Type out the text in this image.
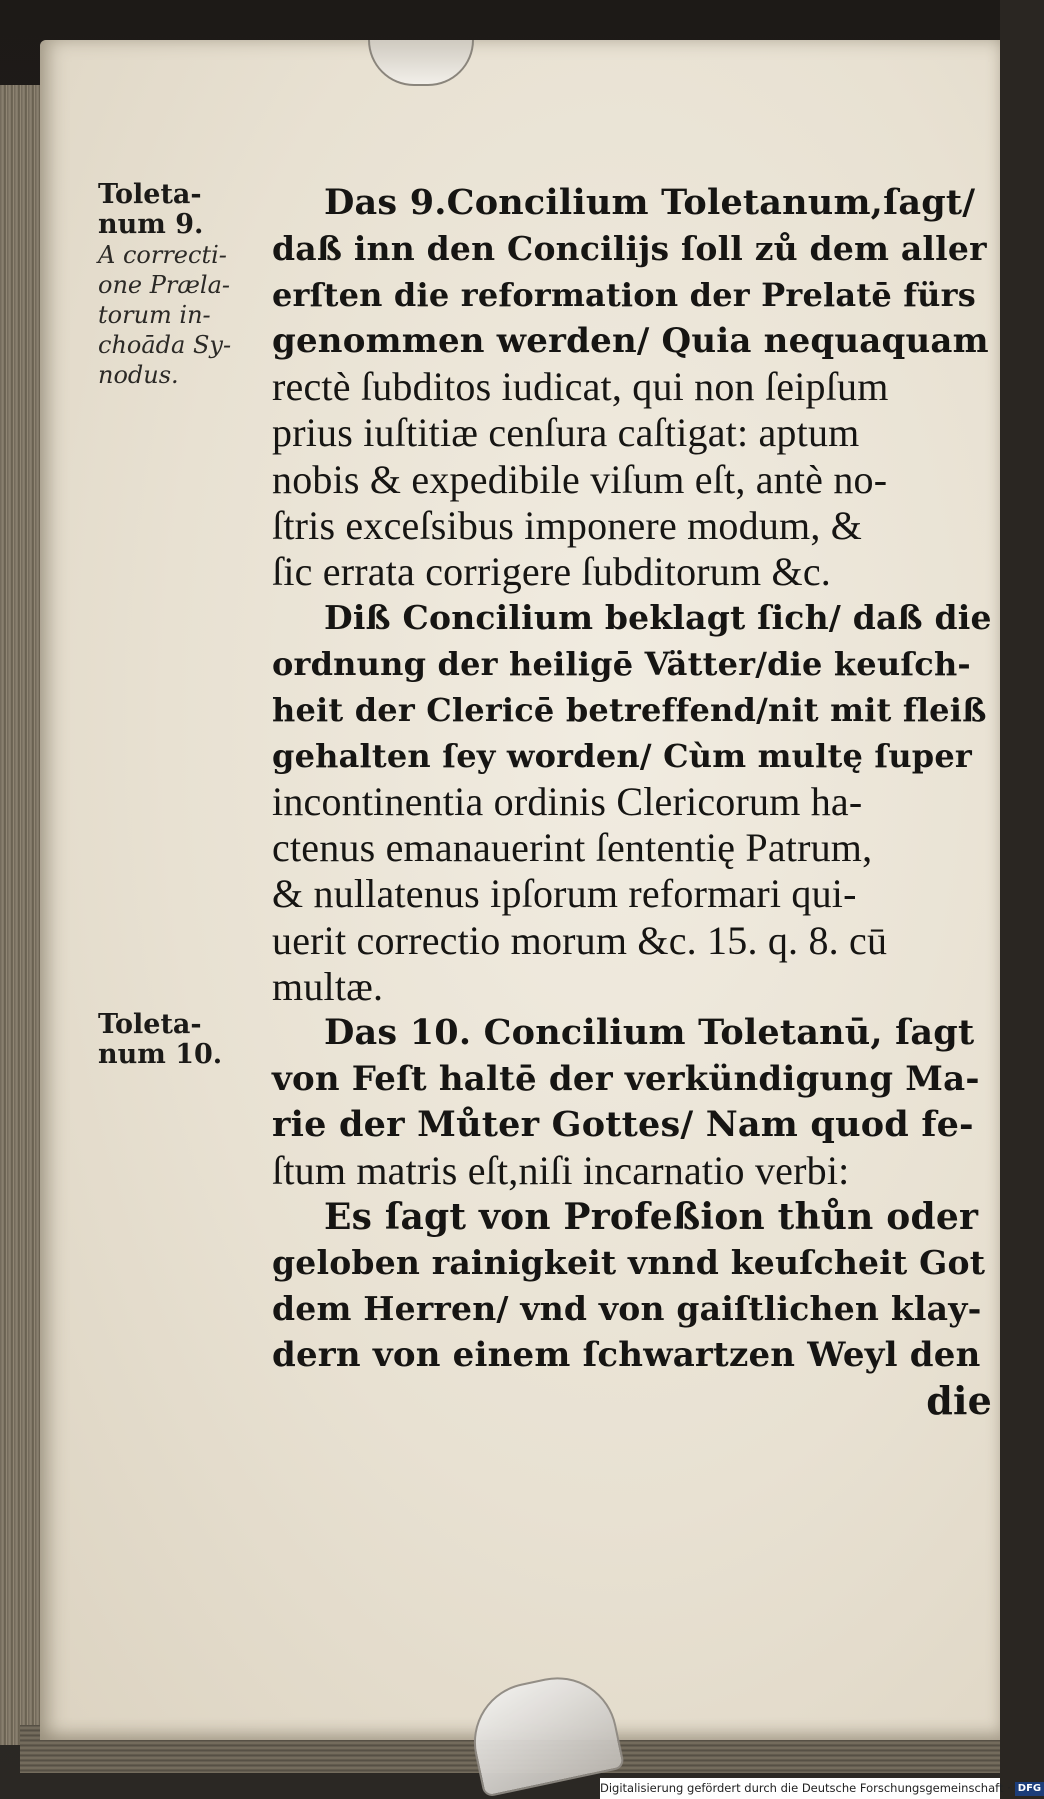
Toleta-
num 9.
A correcti-
one Præla-
torum in-
choāda Sy-
nodus.
Toleta-
num 10.
Das 9.Concilium Toletanum,ſagt/
daß inn den Concilijs ſoll zů dem aller
erſten die reformation der Prelatē fürs
genommen werden/ Quia nequaquam
rectè ſubditos iudicat, qui non ſeipſum
prius iuſtitiæ cenſura caſtigat: aptum
nobis & expedibile viſum eſt, antè no-
ſtris exceſsibus imponere modum, &
ſic errata corrigere ſubditorum &c.
Diß Concilium beklagt ſich/ daß die
ordnung der heiligē Vätter/die keuſch-
heit der Clericē betreffend/nit mit fleiß
gehalten ſey worden/ Cùm multę ſuper
incontinentia ordinis Clericorum ha-
ctenus emanauerint ſententię Patrum,
& nullatenus ipſorum reformari qui-
uerit correctio morum &c. 15. q. 8. cū
multæ.
Das 10. Concilium Toletanū, ſagt
von Feſt haltē der verkündigung Ma-
rie der Můter Gottes/ Nam quod fe-
ſtum matris eſt,niſi incarnatio verbi:
Es ſagt von Profeßion thůn oder
geloben rainigkeit vnnd keuſcheit Got
dem Herren/ vnd von gaiſtlichen klay-
dern von einem ſchwartzen Weyl den
die
Digitalisierung gefördert durch die Deutsche Forschungsgemeinschaft · DFG
